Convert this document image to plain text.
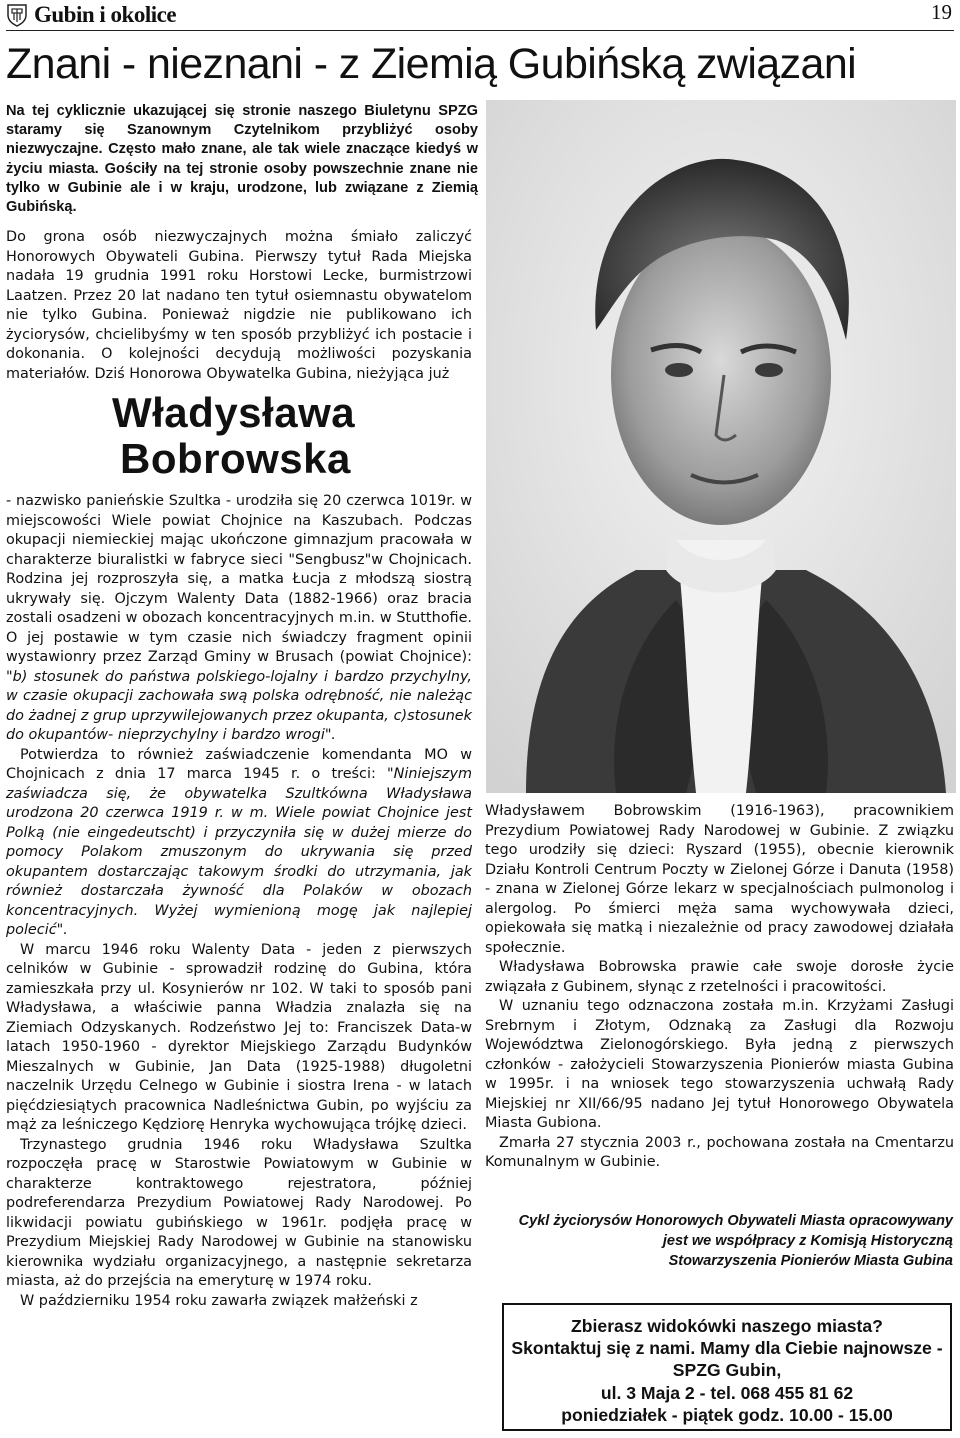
Gubin i okolice	19
Znani - nieznani - z Ziemią Gubińską związani

Na tej cyklicznie ukazującej się stronie naszego Biuletynu SPZG staramy się Szanownym Czytelnikom przybliżyć osoby niezwyczajne. Często mało znane, ale tak wiele znaczące kiedyś w życiu miasta. Gościły na tej stronie osoby powszechnie znane nie tylko w Gubinie ale i w kraju, urodzone, lub związane z Ziemią Gubińską.

Do grona osób niezwyczajnych można śmiało zaliczyć Honorowych Obywateli Gubina. Pierwszy tytuł Rada Miejska nadała 19 grudnia 1991 roku Horstowi Lecke, burmistrzowi Laatzen. Przez 20 lat nadano ten tytuł osiemnastu obywatelom nie tylko Gubina. Ponieważ nigdzie nie publikowano ich życiorysów, chcielibyśmy w ten sposób przybliżyć ich postacie i dokonania. O kolejności decydują możliwości pozyskania materiałów. Dziś Honorowa Obywatelka Gubina, nieżyjąca już

Władysława
Bobrowska

- nazwisko panieńskie Szultka - urodziła się 20 czerwca 1019r. w miejscowości Wiele powiat Chojnice na Kaszubach. Podczas okupacji niemieckiej mając ukończone gimnazjum pracowała w charakterze biuralistki w fabryce sieci "Sengbusz"w Chojnicach. Rodzina jej rozproszyła się, a matka Łucja z młodszą siostrą ukrywały się. Ojczym Walenty Data (1882-1966) oraz bracia zostali osadzeni w obozach koncentracyjnych m.in. w Stutthofie. O jej postawie w tym czasie nich świadczy fragment opinii wystawionry przez Zarząd Gminy w Brusach (powiat Chojnice): "b) stosunek do państwa polskiego-lojalny i bardzo przychylny, w czasie okupacji zachowała swą polska odrębność, nie należąc do żadnej z grup uprzywilejowanych przez okupanta, c)stosunek do okupantów- nieprzychylny i bardzo wrogi".

Potwierdza to również zaświadczenie komendanta MO w Chojnicach z dnia 17 marca 1945 r. o treści: "Niniejszym zaświadcza się, że obywatelka Szultkówna Władysława urodzona 20 czerwca 1919 r. w m. Wiele powiat Chojnice jest Polką (nie eingedeutscht) i przyczyniła się w dużej mierze do pomocy Polakom zmuszonym do ukrywania się przed okupantem dostarczając takowym środki do utrzymania, jak również dostarczała żywność dla Polaków w obozach koncentracyjnych. Wyżej wymienioną mogę jak najlepiej polecić".

W marcu 1946 roku Walenty Data - jeden z pierwszych celników w Gubinie - sprowadził rodzinę do Gubina, która zamieszkała przy ul. Kosynierów nr 102. W taki to sposób pani Władysława, a właściwie panna Władzia znalazła się na Ziemiach Odzyskanych. Rodzeństwo Jej to: Franciszek Data-w latach 1950-1960 - dyrektor Miejskiego Zarządu Budynków Mieszalnych w Gubinie, Jan Data (1925-1988) długoletni naczelnik Urzędu Celnego w Gubinie i siostra Irena - w latach pięćdziesiątych pracownica Nadleśnictwa Gubin, po wyjściu za mąż za leśniczego Kędziorę Henryka wychowująca trójkę dzieci.

Trzynastego grudnia 1946 roku Władysława Szultka rozpoczęła pracę w Starostwie Powiatowym w Gubinie w charakterze kontraktowego rejestratora, później podreferendarza Prezydium Powiatowej Rady Narodowej. Po likwidacji powiatu gubińskiego w 1961r. podjęła pracę w Prezydium Miejskiej Rady Narodowej w Gubinie na stanowisku kierownika wydziału organizacyjnego, a następnie sekretarza miasta, aż do przejścia na emeryturę w 1974 roku.

W październiku 1954 roku zawarła związek małżeński z

Władysławem Bobrowskim (1916-1963), pracownikiem Prezydium Powiatowej Rady Narodowej w Gubinie. Z związku tego urodziły się dzieci: Ryszard (1955), obecnie kierownik Działu Kontroli Centrum Poczty w Zielonej Górze i Danuta (1958) - znana w Zielonej Górze lekarz w specjalnościach pulmonolog i alergolog. Po śmierci męża sama wychowywała dzieci, opiekowała się matką i niezależnie od pracy zawodowej działała społecznie.

Władysława Bobrowska prawie całe swoje dorosłe życie związała z Gubinem, słynąc z rzetelności i pracowitości.

W uznaniu tego odznaczona została m.in. Krzyżami Zasługi Srebrnym i Złotym, Odznaką za Zasługi dla Rozwoju Województwa Zielonogórskiego. Była jedną z pierwszych członków - założycieli Stowarzyszenia Pionierów miasta Gubina w 1995r. i na wniosek tego stowarzyszenia uchwałą Rady Miejskiej nr XII/66/95 nadano Jej tytuł Honorowego Obywatela Miasta Gubiona.

Zmarła 27 stycznia 2003 r., pochowana została na Cmentarzu Komunalnym w Gubinie.

Cykl życiorysów Honorowych Obywateli Miasta opracowywany jest we współpracy z Komisją Historyczną

Stowarzyszenia Pionierów Miasta Gubina

Zbierasz widokówki naszego miasta?

Skontaktuj się z nami. Mamy dla Ciebie najnowsze - SPZG Gubin,

ul. 3 Maja 2 - tel. 068 455 81 62

poniedziałek - piątek godz. 10.00 - 15.00
